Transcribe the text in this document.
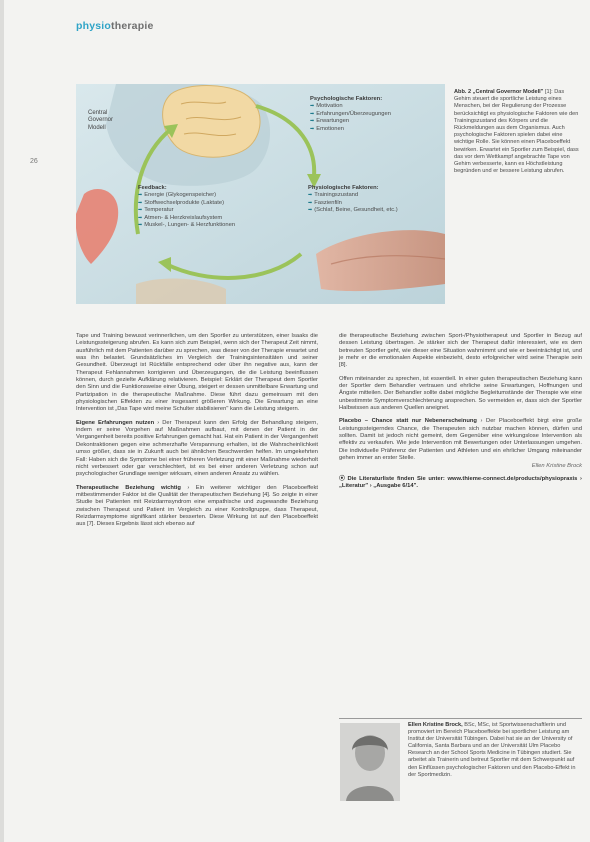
physiotherapie
26
Central Governor Modell
Psychologische Faktoren:
➡ Motivation
➡ Erfahrungen/Überzeugungen
➡ Erwartungen
➡ Emotionen
Physiologische Faktoren:
➡ Trainingszustand
➡ Faszienfiln
➡ (Schlaf, Beine, Gesundheit, etc.)
Feedback:
➡ Energie (Glykogenspeicher)
➡ Stoffwechselprodukte (Laktate)
➡ Temperatur
➡ Atmen- & Herzkreislaufsystem
➡ Muskel-, Lungen- & Herzfunktionen
Abb. 2 „Central Governor Modell" [1]: Das Gehirn steuert die sportliche Leistung eines Menschen, bei der Regulierung der Prozesse berücksichtigt es physiologische Faktoren wie den Trainingszustand des Körpers und die Rückmeldungen aus dem Organismus. Auch psychologische Faktoren spielen dabei eine wichtige Rolle. Sie können einen Placeboeffekt bewirken. Erwartet ein Sportler zum Beispiel, dass das vor dem Wettkampf angebrachte Tape von Gehirn verbesserte, kann es Höchstleistung begründen und er bessere Leistung abrufen.

Tape und Training bewusst verinnerlichen, um den Sportler zu unterstützen, einer Isaaks die Leistungssteigerung abrufen. Es kann sich zum Beispiel, wenn sich der Therapeut Zeit nimmt, ausführlich mit dem Patienten darüber zu sprechen, was dieser von der Therapie erwartet und was ihn belastet. Grundsätzliches im Vergleich der Trainingsintensitäten und seiner Gesundheit. Überzeugt ist Rückfälle entsprechend oder über ihn negative aus, kann der Therapeut Fehlannahmen korrigieren und Überzeugungen, die die Leistung beeinflussen können, durch gezielte Aufklärung relativieren. Beispiel: Erklärt der Therapeut dem Sportler den Sinn und die Funktionsweise einer Übung, steigert er dessen unmittelbare Erwartung und Partizipation in die therapeutische Maßnahme. Diese führt dazu gemeinsam mit den physiologischen Effekten zu einer insgesamt größeren Wirkung. Die Erwartung an eine Intervention ist „Das Tape wird meine Schulter stabilisieren" kann die Leistung steigern.

Eigene Erfahrungen nutzen › Der Therapeut kann den Erfolg der Behandlung steigern, indem er seine Vorgehen auf Maßnahmen aufbaut, mit denen der Patient in der Vergangenheit bereits positive Erfahrungen gemacht hat. Hat ein Patient in der Vergangenheit Dekontraktionen gegen eine schmerzhafte Verspannung erhalten, ist die Wahrscheinlichkeit umso größer, dass sie in Zukunft auch bei ähnlichen Beschwerden helfen. Im umgekehrten Fall: Haben sich die Symptome bei einer früheren Verletzung mit einer Maßnahme wiederholt nicht verbessert oder gar verschlechtert, ist es bei einer anderen Verletzung schon auf psychologischer Grundlage weniger wirksam, einen anderen Ansatz zu wählen.

Therapeutische Beziehung wichtig › Ein weiterer wichtiger den Placeboeffekt mitbestimmender Faktor ist die Qualität der therapeutischen Beziehung [4]. So zeigte in einer Studie bei Patienten mit Reizdarmsyndrom eine empathische und zugewandte Beziehung zwischen Therapeut und Patient im Vergleich zu einer Kontrollgruppe, dass Therapeut, Reizdarmsymptome signifikant stärker besserten. Diese Wirkung ist auf den Placeboeffekt aus [7]. Dieses Ergebnis lässt sich ebenso auf

die therapeutische Beziehung zwischen Sport-/Physiotherapeut und Sportler in Bezug auf dessen Leistung übertragen. Je stärker sich der Therapeut dafür interessiert, wie es dem betreuten Sportler geht, wie dieser eine Situation wahrnimmt und wie er beeinträchtigt ist, und je mehr er die emotionalen Aspekte einbezieht, desto erfolgreicher wird seine Therapie sein [8].

Offen miteinander zu sprechen, ist essentiell. In einer guten therapeutischen Beziehung kann der Sportler dem Behandler vertrauen und ehrliche seine Erwartungen, Hoffnungen und Ängste mitteilen. Der Behandler sollte dabei mögliche Begleitumstände der Therapie wie eine unbestimmte Symptomverschlechterung ansprechen. So vermeiden er, dass sich der Sportler Halbwissen aus anderen Quellen aneignet.

Placebo – Chance statt nur Nebenerscheinung › Der Placeboeffekt birgt eine große Leistungssteigerndes Chance, die Therapeuten sich nutzbar machen können, dürfen und sollten. Damit ist jedoch nicht gemeint, dem Gegenüber eine wirkungslose Intervention als effektiv zu verkaufen. Wie jede Intervention mit Bewertungen oder Unterlassungen umgehen. Die individuelle Präferenz der Patienten und Athleten und ein ehrlicher Umgang miteinander gehen immer an erster Stelle.
Ellen Kristine Brock

⦿ Die Literaturliste finden Sie unter: www.thieme-connect.de/products/physiopraxis › „Literatur" › „Ausgabe 6/14".

Ellen Kristine Brock, BSc, MSc, ist Sportwissenschaftlerin und promoviert im Bereich Placeboeffekte bei sportlicher Leistung am Institut der Universität Tübingen. Dabei hat sie an der University of California, Santa Barbara und an der Universität Ulm Placebo Research an der School Sports Medicine in Tübingen studiert. Sie arbeitet als Trainerin und betreut Sportler mit dem Schwerpunkt auf den Einflüssen psychologischer Faktoren und den Placebo-Effekt in der Sportmedizin.
